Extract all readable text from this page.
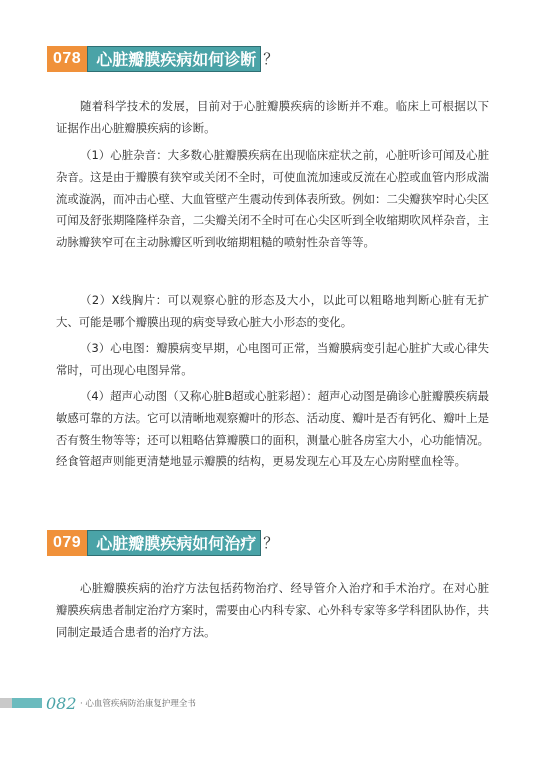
078 心脏瓣膜疾病如何诊断 ？

随着科学技术的发展，目前对于心脏瓣膜疾病的诊断并不难。临床上可根据以下证据作出心脏瓣膜疾病的诊断。

（1）心脏杂音：大多数心脏瓣膜疾病在出现临床症状之前，心脏听诊可闻及心脏杂音。这是由于瓣膜有狭窄或关闭不全时，可使血流加速或反流在心腔或血管内形成湍流或漩涡，而冲击心壁、大血管壁产生震动传到体表所致。例如：二尖瓣狭窄时心尖区可闻及舒张期隆隆样杂音，二尖瓣关闭不全时可在心尖区听到全收缩期吹风样杂音，主动脉瓣狭窄可在主动脉瓣区听到收缩期粗糙的喷射性杂音等等。

（2）X线胸片：可以观察心脏的形态及大小，以此可以粗略地判断心脏有无扩大、可能是哪个瓣膜出现的病变导致心脏大小形态的变化。

（3）心电图：瓣膜病变早期，心电图可正常，当瓣膜病变引起心脏扩大或心律失常时，可出现心电图异常。

（4）超声心动图（又称心脏B超或心脏彩超）：超声心动图是确诊心脏瓣膜疾病最敏感可靠的方法。它可以清晰地观察瓣叶的形态、活动度、瓣叶是否有钙化、瓣叶上是否有赘生物等等；还可以粗略估算瓣膜口的面积，测量心脏各房室大小，心功能情况。经食管超声则能更清楚地显示瓣膜的结构，更易发现左心耳及左心房附壁血栓等。

079 心脏瓣膜疾病如何治疗 ？

心脏瓣膜疾病的治疗方法包括药物治疗、经导管介入治疗和手术治疗。在对心脏瓣膜疾病患者制定治疗方案时，需要由心内科专家、心外科专家等多学科团队协作，共同制定最适合患者的治疗方法。

082 · 心血管疾病防治康复护理全书
